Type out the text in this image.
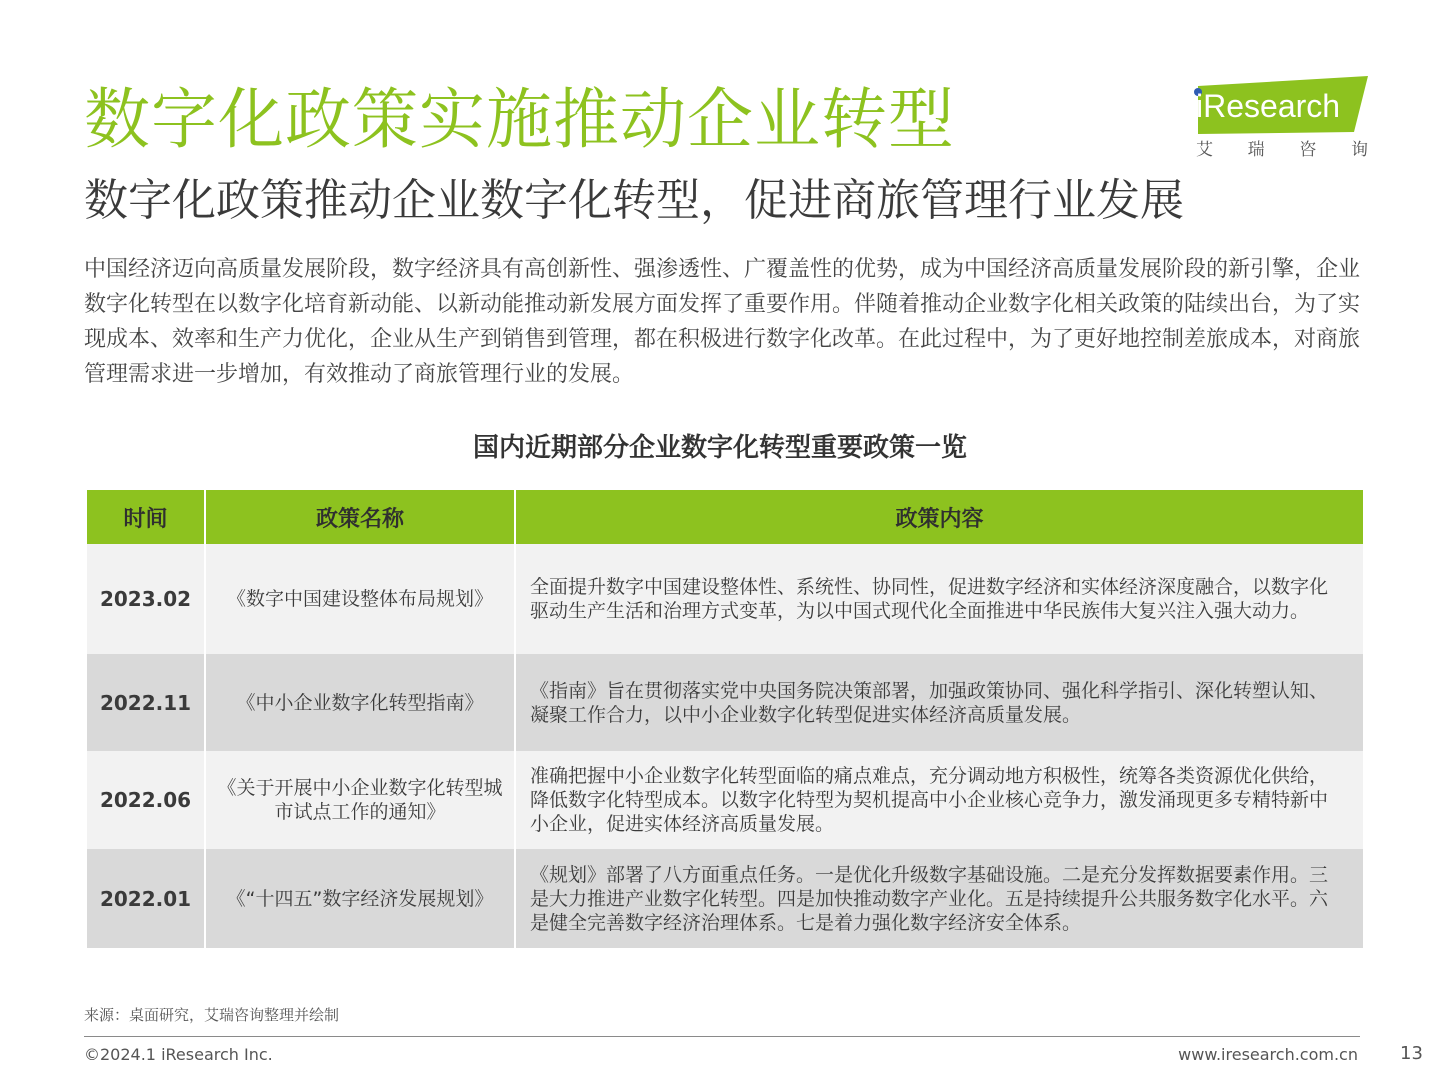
数字化政策实施推动企业转型
数字化政策推动企业数字化转型，促进商旅管理行业发展
iResearch
艾 瑞 咨 询

中国经济迈向高质量发展阶段，数字经济具有高创新性、强渗透性、广覆盖性的优势，成为中国经济高质量发展阶段的新引擎，企业数字化转型在以数字化培育新动能、以新动能推动新发展方面发挥了重要作用。伴随着推动企业数字化相关政策的陆续出台，为了实现成本、效率和生产力优化，企业从生产到销售到管理，都在积极进行数字化改革。在此过程中，为了更好地控制差旅成本，对商旅管理需求进一步增加，有效推动了商旅管理行业的发展。

国内近期部分企业数字化转型重要政策一览
时间	政策名称	政策内容
2023.02	《数字中国建设整体布局规划》	全面提升数字中国建设整体性、系统性、协同性，促进数字经济和实体经济深度融合，以数字化驱动生产生活和治理方式变革，为以中国式现代化全面推进中华民族伟大复兴注入强大动力。
2022.11	《中小企业数字化转型指南》	《指南》旨在贯彻落实党中央国务院决策部署，加强政策协同、强化科学指引、深化转塑认知、凝聚工作合力，以中小企业数字化转型促进实体经济高质量发展。
2022.06	《关于开展中小企业数字化转型城市试点工作的通知》	准确把握中小企业数字化转型面临的痛点难点，充分调动地方积极性，统筹各类资源优化供给，降低数字化特型成本。以数字化特型为契机提高中小企业核心竞争力，激发涌现更多专精特新中小企业，促进实体经济高质量发展。
2022.01	《“十四五”数字经济发展规划》	《规划》部署了八方面重点任务。一是优化升级数字基础设施。二是充分发挥数据要素作用。三是大力推进产业数字化转型。四是加快推动数字产业化。五是持续提升公共服务数字化水平。六是健全完善数字经济治理体系。七是着力强化数字经济安全体系。
来源：桌面研究，艾瑞咨询整理并绘制
©2024.1 iResearch Inc.	www.iresearch.com.cn 13
